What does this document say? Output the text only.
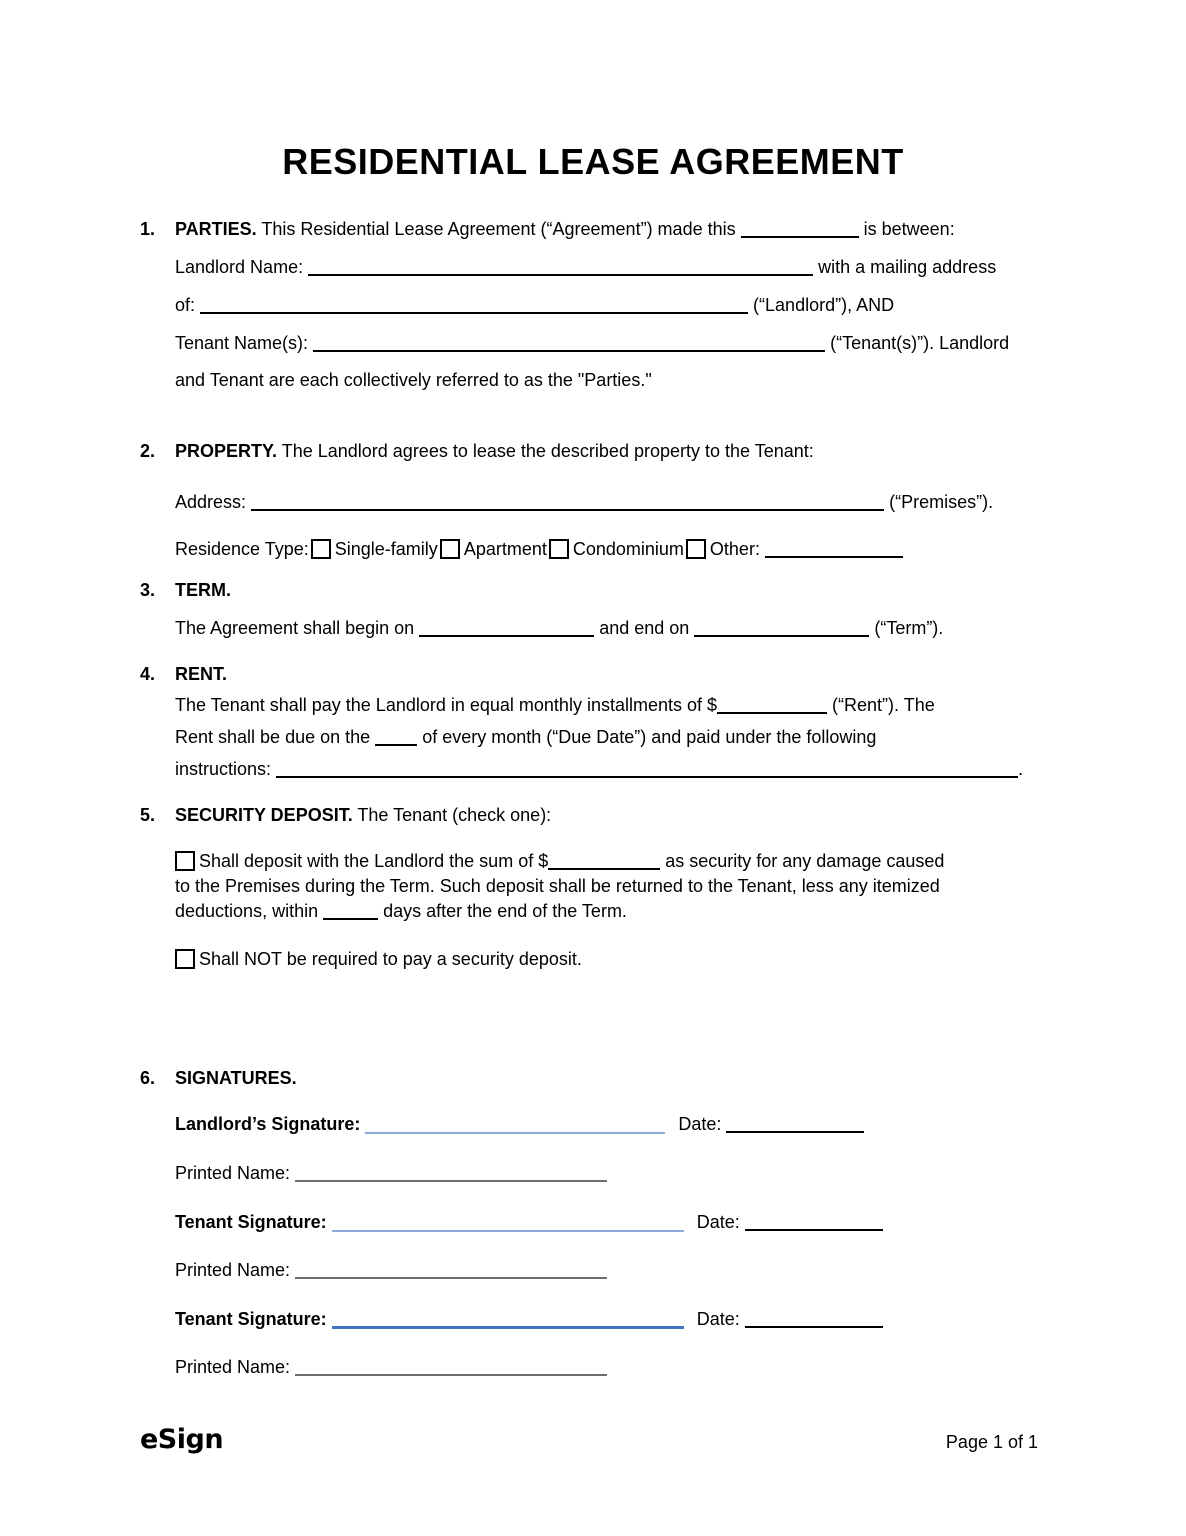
RESIDENTIAL LEASE AGREEMENT
1.	PARTIES. This Residential Lease Agreement (“Agreement”) made this	is between:
Landlord Name:	with a mailing address
of:	(“Landlord”), AND
Tenant Name(s):	(“Tenant(s)”). Landlord
and Tenant are each collectively referred to as the "Parties."
2.	PROPERTY. The Landlord agrees to lease the described property to the Tenant:
Address:	(“Premises”).
Residence Type: Single-family Apartment Condominium Other:
3.	TERM.
The Agreement shall begin on	and end on	(“Term”).
4.	RENT.
The Tenant shall pay the Landlord in equal monthly installments of $	(“Rent”). The
Rent shall be due on the	of every month (“Due Date”) and paid under the following
instructions:	.
5.	SECURITY DEPOSIT. The Tenant (check one):
Shall deposit with the Landlord the sum of $	as security for any damage caused
to the Premises during the Term. Such deposit shall be returned to the Tenant, less any itemized
deductions, within	days after the end of the Term.
Shall NOT be required to pay a security deposit.
6.	SIGNATURES.
Landlord’s Signature:	Date:
Printed Name:
Tenant Signature:	Date:
Printed Name:
Tenant Signature:	Date:
Printed Name:
eSign	Page 1 of 1
